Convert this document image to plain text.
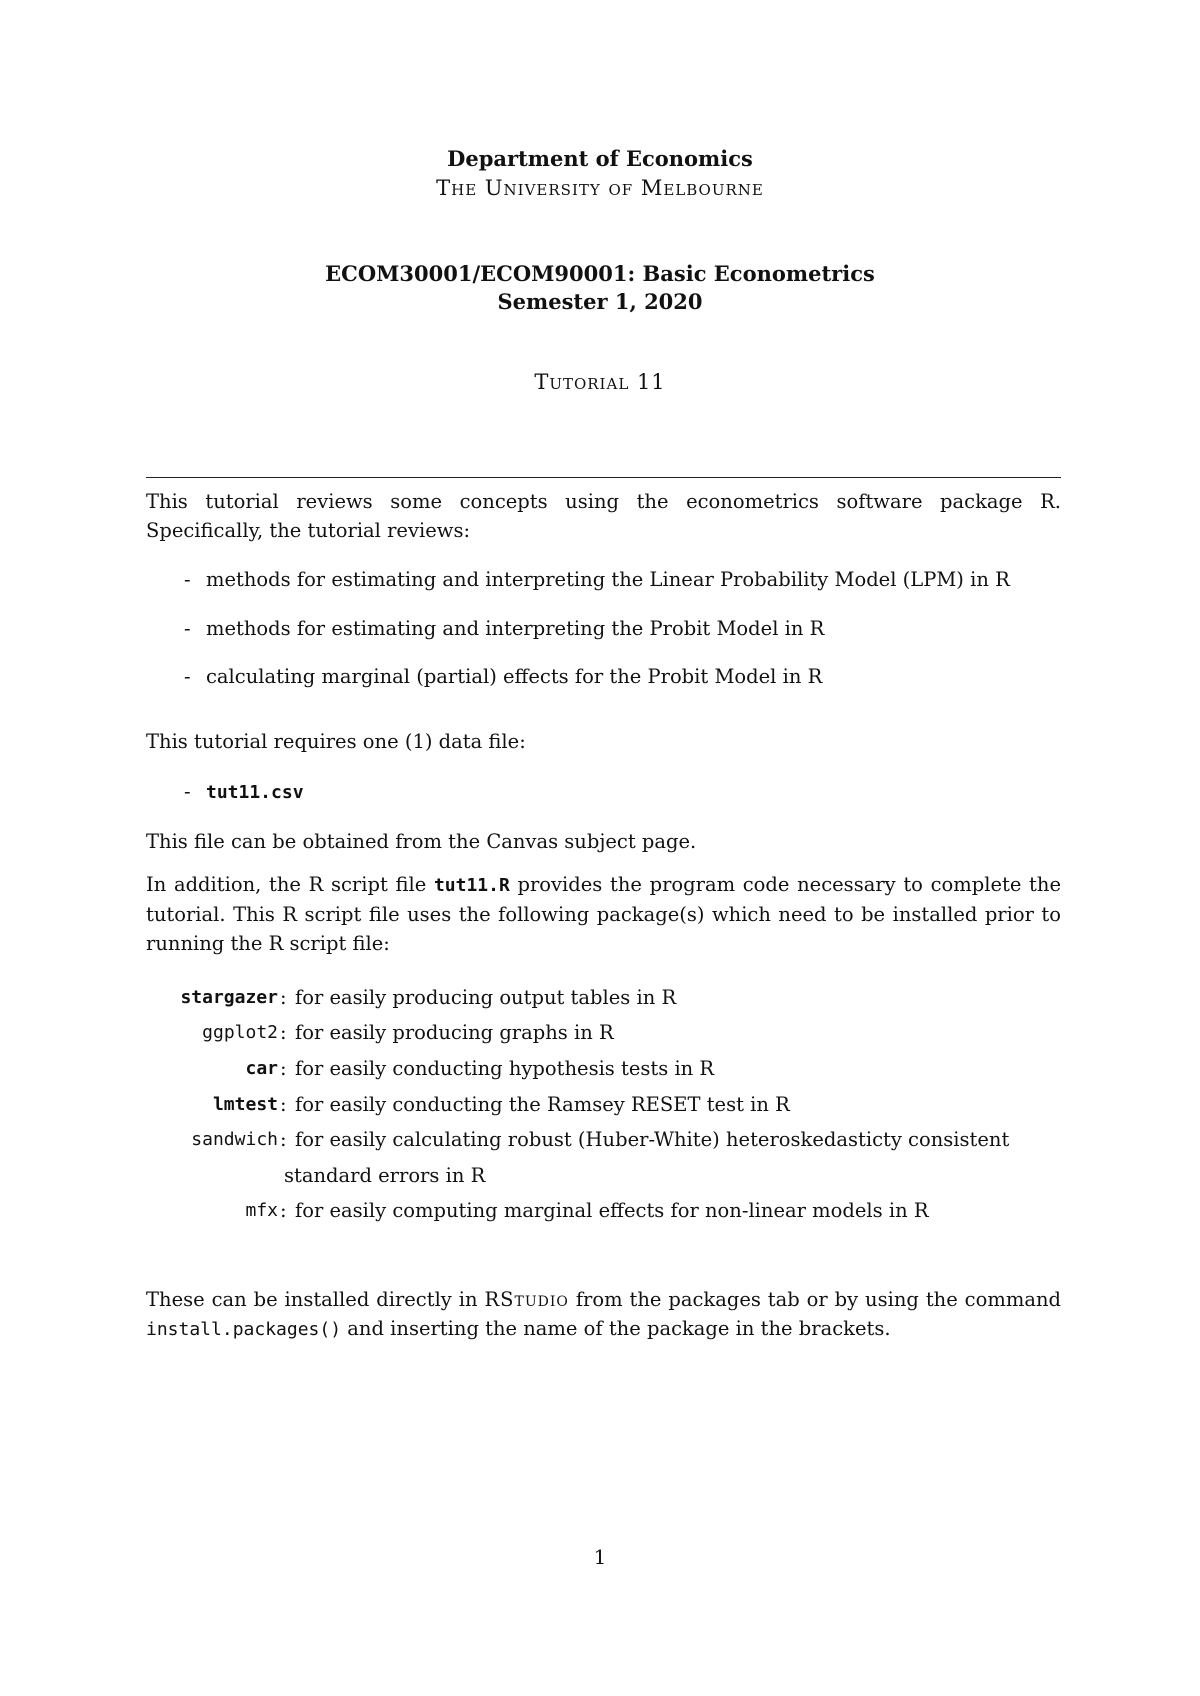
Department of Economics
The University of Melbourne
ECOM30001/ECOM90001: Basic Econometrics
Semester 1, 2020
Tutorial 11
This tutorial reviews some concepts using the econometrics software package R. Specifically, the tutorial reviews:
- methods for estimating and interpreting the Linear Probability Model (LPM) in R
- methods for estimating and interpreting the Probit Model in R
- calculating marginal (partial) effects for the Probit Model in R
This tutorial requires one (1) data file:
- tut11.csv
This file can be obtained from the Canvas subject page.
In addition, the R script file tut11.R provides the program code necessary to complete the tutorial. This R script file uses the following package(s) which need to be installed prior to running the R script file:
stargazer : for easily producing output tables in R
ggplot2 : for easily producing graphs in R
car : for easily conducting hypothesis tests in R
lmtest : for easily conducting the Ramsey RESET test in R
sandwich : for easily calculating robust (Huber-White) heteroskedasticty consistent
standard errors in R
mfx : for easily computing marginal effects for non-linear models in R
These can be installed directly in RStudio from the packages tab or by using the command install.packages() and inserting the name of the package in the brackets.
1
